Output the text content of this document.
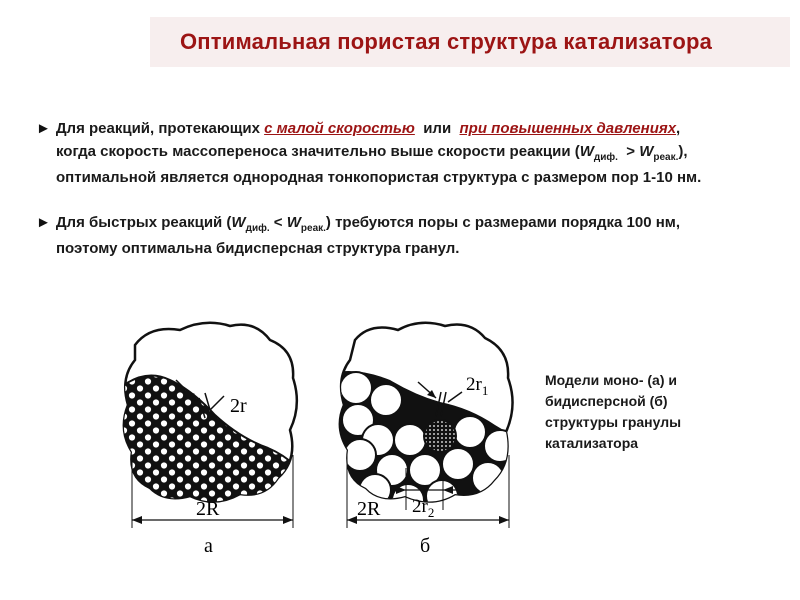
Оптимальная пористая структура катализатора
► Для реакций, протекающих с малой скоростью  или  при повышенных давлениях,
когда скорость массопереноса значительно выше скорости реакции $(W_{диф.} > W_{реак.})$,
оптимальной является однородная тонкопористая структура с размером пор 1-10 нм.
► Для быстрых реакций $(W_{диф.} < W_{реак.})$ требуются поры с размерами порядка 100 нм,
поэтому оптимальна бидисперсная структура гранул.
2r
2R
а
$2r_1$
$2r_2$
2R
б
Модели моно- (а) и
бидисперсной (б)
структуры гранулы
катализатора
